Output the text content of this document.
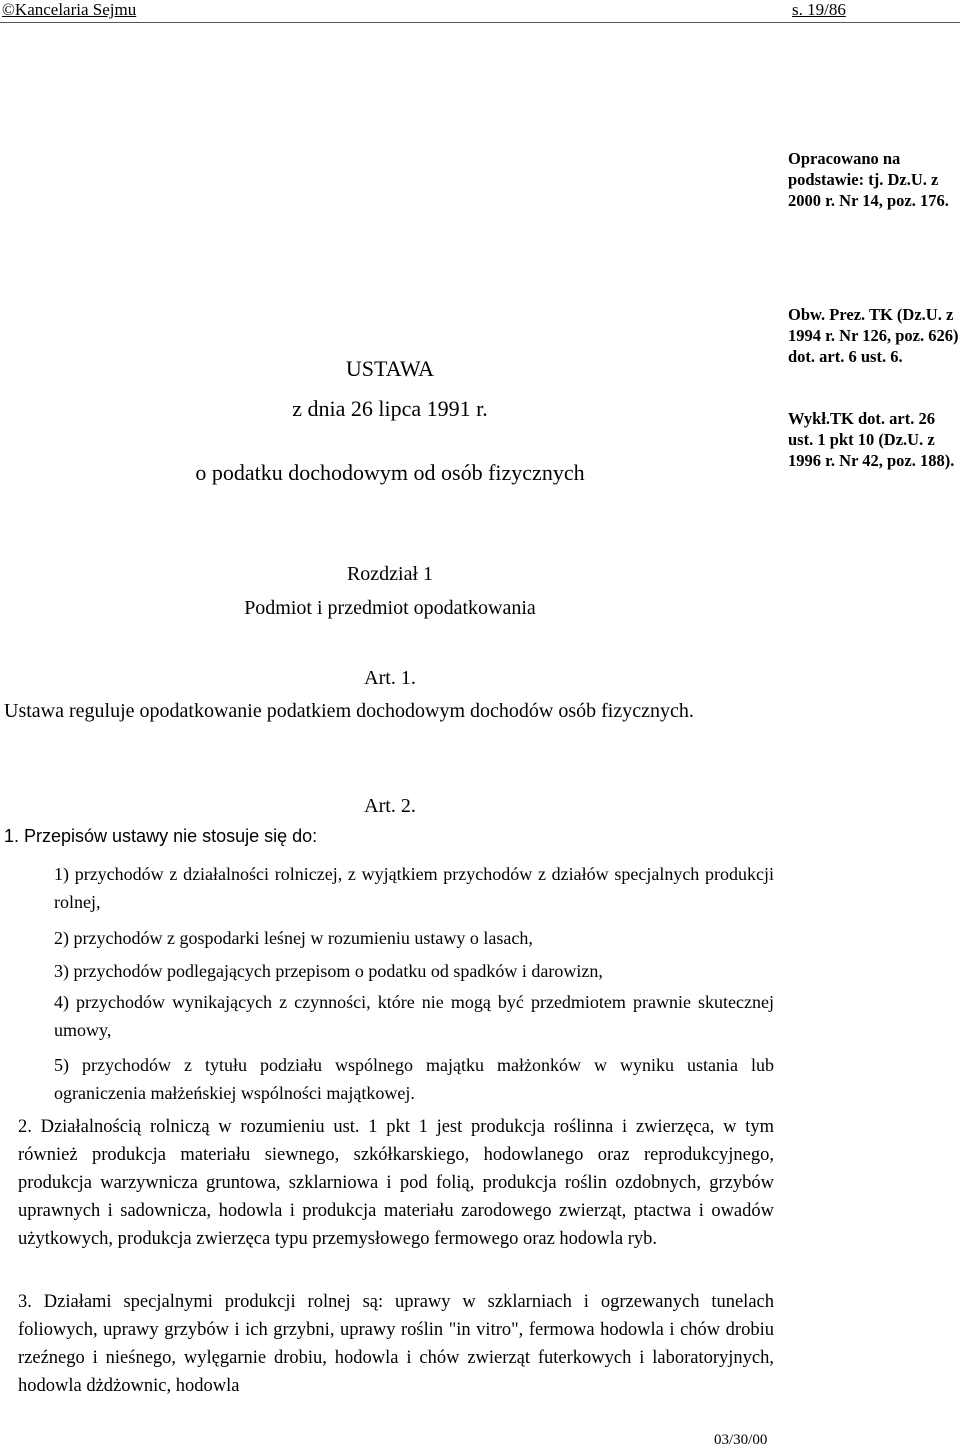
©Kancelaria Sejmu	s. 19/86

Opracowano na podstawie: tj. Dz.U. z 2000 r. Nr 14, poz. 176.

Obw. Prez. TK (Dz.U. z 1994 r. Nr 126, poz. 626) dot. art. 6 ust. 6.

Wykł.TK dot. art. 26 ust. 1 pkt 10 (Dz.U. z 1996 r. Nr 42, poz. 188).

USTAWA
z dnia 26 lipca 1991 r.
o podatku dochodowym od osób fizycznych
Rozdział 1
Podmiot i przedmiot opodatkowania
Art. 1.
Ustawa reguluje opodatkowanie podatkiem dochodowym dochodów osób fizycznych.
Art. 2.
1. Przepisów ustawy nie stosuje się do:
1) przychodów z działalności rolniczej, z wyjątkiem przychodów z działów specjalnych produkcji rolnej,
2) przychodów z gospodarki leśnej w rozumieniu ustawy o lasach,
3) przychodów podlegających przepisom o podatku od spadków i darowizn,
4) przychodów wynikających z czynności, które nie mogą być przedmiotem prawnie skutecznej umowy,
5) przychodów z tytułu podziału wspólnego majątku małżonków w wyniku ustania lub ograniczenia małżeńskiej wspólności majątkowej.
2. Działalnością rolniczą w rozumieniu ust. 1 pkt 1 jest produkcja roślinna i zwierzęca, w tym również produkcja materiału siewnego, szkółkarskiego, hodowlanego oraz reprodukcyjnego, produkcja warzywnicza gruntowa, szklarniowa i pod folią, produkcja roślin ozdobnych, grzybów uprawnych i sadownicza, hodowla i produkcja materiału zarodowego zwierząt, ptactwa i owadów użytkowych, produkcja zwierzęca typu przemysłowego fermowego oraz hodowla ryb.
3. Działami specjalnymi produkcji rolnej są: uprawy w szklarniach i ogrzewanych tunelach foliowych, uprawy grzybów i ich grzybni, uprawy roślin "in vitro", fermowa hodowla i chów drobiu rzeźnego i nieśnego, wylęgarnie drobiu, hodowla i chów zwierząt futerkowych i laboratoryjnych, hodowla dżdżownic, hodowla
03/30/00
